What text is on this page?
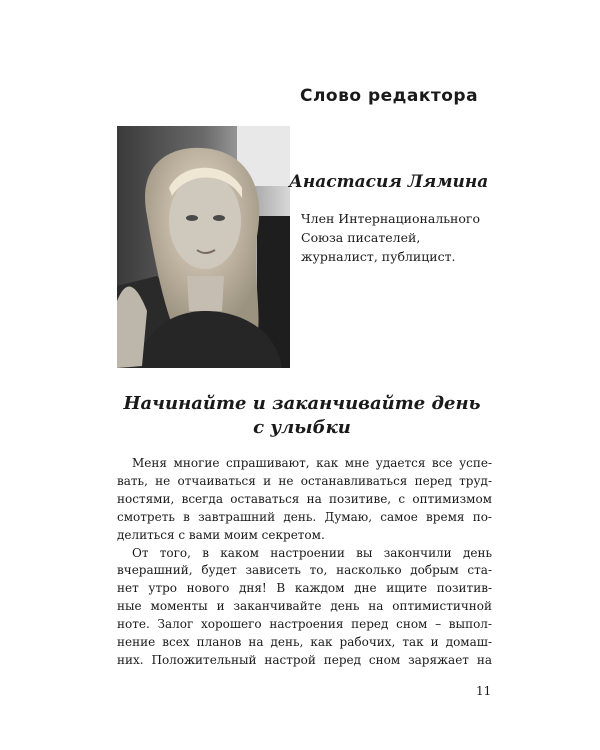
Слово редактора
Анастасия Лямина
Член Интернационального
Союза писателей,
журналист, публицист.
Начинайте и заканчивайте день
с улыбки

Меня многие спрашивают, как мне удается все успе-
вать, не отчаиваться и не останавливаться перед труд-
ностями, всегда оставаться на позитиве, с оптимизмом
смотреть в завтрашний день. Думаю, самое время по-
делиться с вами моим секретом.

От того, в каком настроении вы закончили день
вчерашний, будет зависеть то, насколько добрым ста-
нет утро нового дня! В каждом дне ищите позитив-
ные моменты и заканчивайте день на оптимистичной
ноте. Залог хорошего настроения перед сном – выпол-
нение всех планов на день, как рабочих, так и домаш-
них. Положительный настрой перед сном заряжает на

11
